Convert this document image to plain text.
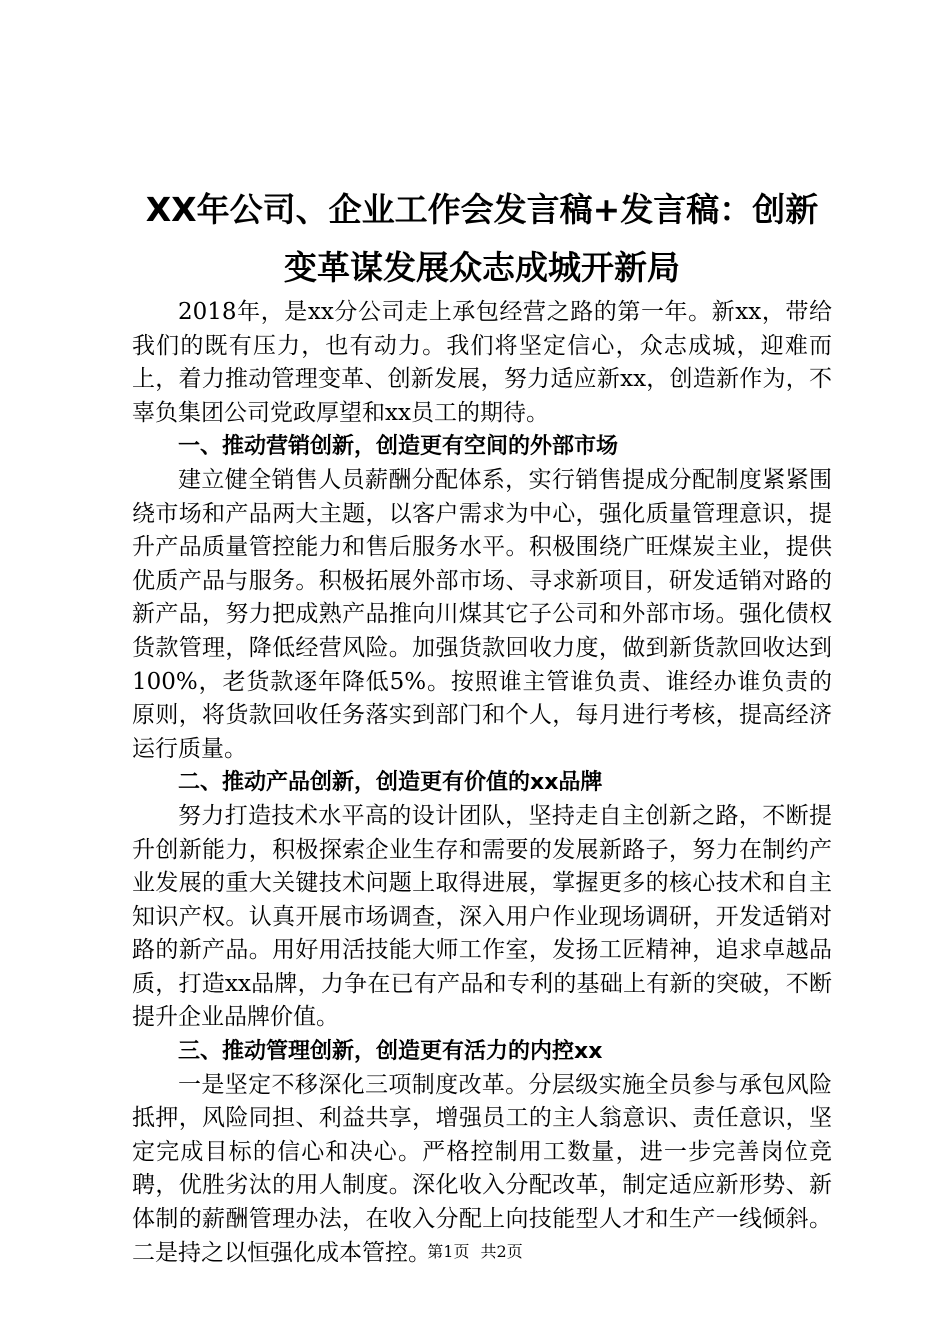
XX年公司、企业工作会发言稿+发言稿：创新
变革谋发展众志成城开新局

2018年，是xx分公司走上承包经营之路的第一年。新xx，带给我们的既有压力，也有动力。我们将坚定信心，众志成城，迎难而上，着力推动管理变革、创新发展，努力适应新xx，创造新作为，不辜负集团公司党政厚望和xx员工的期待。

一、推动营销创新，创造更有空间的外部市场

建立健全销售人员薪酬分配体系，实行销售提成分配制度紧紧围绕市场和产品两大主题，以客户需求为中心，强化质量管理意识，提升产品质量管控能力和售后服务水平。积极围绕广旺煤炭主业，提供优质产品与服务。积极拓展外部市场、寻求新项目，研发适销对路的新产品，努力把成熟产品推向川煤其它子公司和外部市场。强化债权货款管理，降低经营风险。加强货款回收力度，做到新货款回收达到100%，老货款逐年降低5%。按照谁主管谁负责、谁经办谁负责的原则，将货款回收任务落实到部门和个人，每月进行考核，提高经济运行质量。

二、推动产品创新，创造更有价值的xx品牌

努力打造技术水平高的设计团队，坚持走自主创新之路，不断提升创新能力，积极探索企业生存和需要的发展新路子，努力在制约产业发展的重大关键技术问题上取得进展，掌握更多的核心技术和自主知识产权。认真开展市场调查，深入用户作业现场调研，开发适销对路的新产品。用好用活技能大师工作室，发扬工匠精神，追求卓越品质，打造xx品牌，力争在已有产品和专利的基础上有新的突破，不断提升企业品牌价值。

三、推动管理创新，创造更有活力的内控xx

一是坚定不移深化三项制度改革。分层级实施全员参与承包风险抵押，风险同担、利益共享，增强员工的主人翁意识、责任意识，坚定完成目标的信心和决心。严格控制用工数量，进一步完善岗位竞聘，优胜劣汰的用人制度。深化收入分配改革，制定适应新形势、新体制的薪酬管理办法，在收入分配上向技能型人才和生产一线倾斜。二是持之以恒强化成本管控。

第1页 共2页
